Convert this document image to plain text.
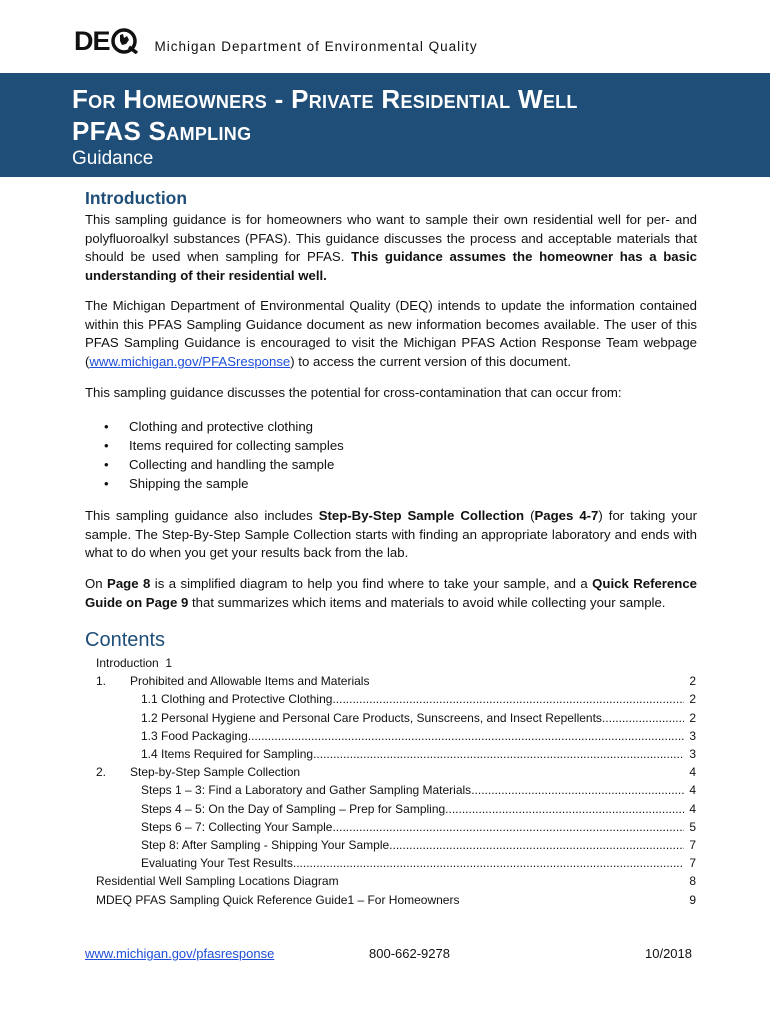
DE	Michigan Department of Environmental Quality
For Homeowners - Private Residential Well
PFAS Sampling
Guidance
Introduction

This sampling guidance is for homeowners who want to sample their own residential well for per- and polyfluoroalkyl substances (PFAS). This guidance discusses the process and acceptable materials that should be used when sampling for PFAS. This guidance assumes the homeowner has a basic understanding of their residential well.

The Michigan Department of Environmental Quality (DEQ) intends to update the information contained within this PFAS Sampling Guidance document as new information becomes available. The user of this PFAS Sampling Guidance is encouraged to visit the Michigan PFAS Action Response Team webpage (www.michigan.gov/PFASresponse) to access the current version of this document.

This sampling guidance discusses the potential for cross-contamination that can occur from:

• Clothing and protective clothing
• Items required for collecting samples
• Collecting and handling the sample
• Shipping the sample

This sampling guidance also includes Step-By-Step Sample Collection (Pages 4-7) for taking your sample. The Step-By-Step Sample Collection starts with finding an appropriate laboratory and ends with what to do when you get your results back from the lab.

On Page 8 is a simplified diagram to help you find where to take your sample, and a Quick Reference Guide on Page 9 that summarizes which items and materials to avoid while collecting your sample.

Contents
Introduction  1
1.	Prohibited and Allowable Items and Materials	2
1.1 Clothing and Protective Clothing .....	2
1.2 Personal Hygiene and Personal Care Products, Sunscreens, and Insect Repellents .....	2
1.3 Food Packaging .....	3
1.4 Items Required for Sampling .....	3
2.	Step-by-Step Sample Collection	4
Steps 1 – 3: Find a Laboratory and Gather Sampling Materials .....	4
Steps 4 – 5: On the Day of Sampling – Prep for Sampling .....	4
Steps 6 – 7: Collecting Your Sample .....	5
Step 8: After Sampling - Shipping Your Sample .....	7
Evaluating Your Test Results .....	7
Residential Well Sampling Locations Diagram	8
MDEQ PFAS Sampling Quick Reference Guide1 – For Homeowners	9
www.michigan.gov/pfasresponse	800-662-9278	10/2018
